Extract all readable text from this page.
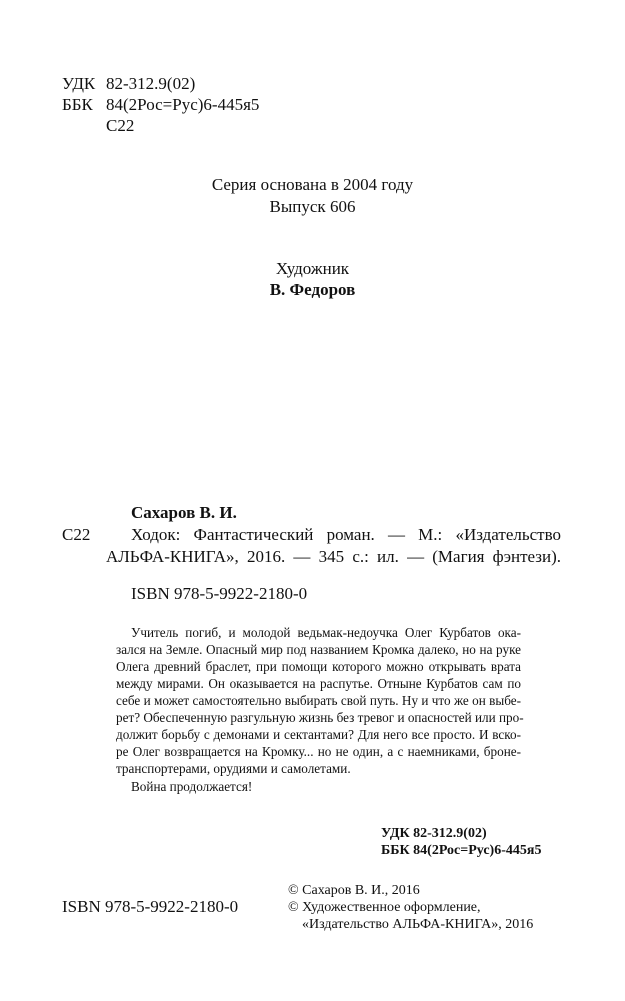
УДК 82-312.9(02)
ББК 84(2Рос=Рус)6-445я5
С22
Серия основана в 2004 году
Выпуск 606
Художник
В. Федоров
Сахаров В. И.
С22 Ходок: Фантастический роман. — М.: «Издательство
АЛЬФА-КНИГА», 2016. — 345 с.: ил. — (Магия фэнтези).
ISBN 978-5-9922-2180-0
Учитель погиб, и молодой ведьмак-недоучка Олег Курбатов ока-
зался на Земле. Опасный мир под названием Кромка далеко, но на руке
Олега древний браслет, при помощи которого можно открывать врата
между мирами. Он оказывается на распутье. Отныне Курбатов сам по
себе и может самостоятельно выбирать свой путь. Ну и что же он выбе-
рет? Обеспеченную разгульную жизнь без тревог и опасностей или про-
должит борьбу с демонами и сектантами? Для него все просто. И вско-
ре Олег возвращается на Кромку... но не один, а с наемниками, броне-
транспортерами, орудиями и самолетами.
Война продолжается!
УДК 82-312.9(02)
ББК 84(2Рос=Рус)6-445я5
© Сахаров В. И., 2016
© Художественное оформление,
«Издательство АЛЬФА-КНИГА», 2016
ISBN 978-5-9922-2180-0
